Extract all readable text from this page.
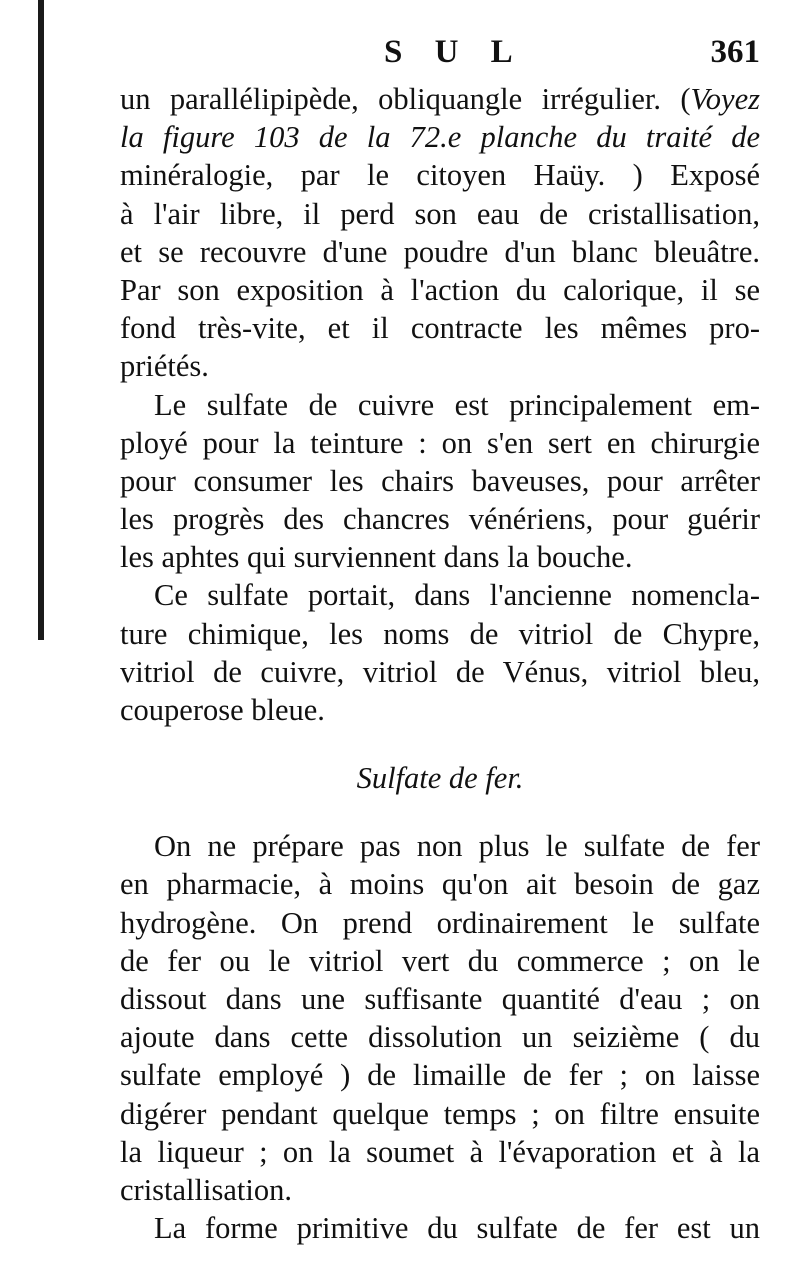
S U L	361
un parallélipipède, obliquangle irrégulier. (Voyez
la figure 103 de la 72.e planche du traité de
minéralogie, par le citoyen Haüy. ) Exposé
à l'air libre, il perd son eau de cristallisation,
et se recouvre d'une poudre d'un blanc bleuâtre.
Par son exposition à l'action du calorique, il se
fond très-vite, et il contracte les mêmes pro-
priétés.
Le sulfate de cuivre est principalement em-
ployé pour la teinture : on s'en sert en chirurgie
pour consumer les chairs baveuses, pour arrêter
les progrès des chancres vénériens, pour guérir
les aphtes qui surviennent dans la bouche.
Ce sulfate portait, dans l'ancienne nomencla-
ture chimique, les noms de vitriol de Chypre,
vitriol de cuivre, vitriol de Vénus, vitriol bleu,
couperose bleue.
Sulfate de fer.
On ne prépare pas non plus le sulfate de fer
en pharmacie, à moins qu'on ait besoin de gaz
hydrogène. On prend ordinairement le sulfate
de fer ou le vitriol vert du commerce ; on le
dissout dans une suffisante quantité d'eau ; on
ajoute dans cette dissolution un seizième ( du
sulfate employé ) de limaille de fer ; on laisse
digérer pendant quelque temps ; on filtre ensuite
la liqueur ; on la soumet à l'évaporation et à la
cristallisation.
La forme primitive du sulfate de fer est un
